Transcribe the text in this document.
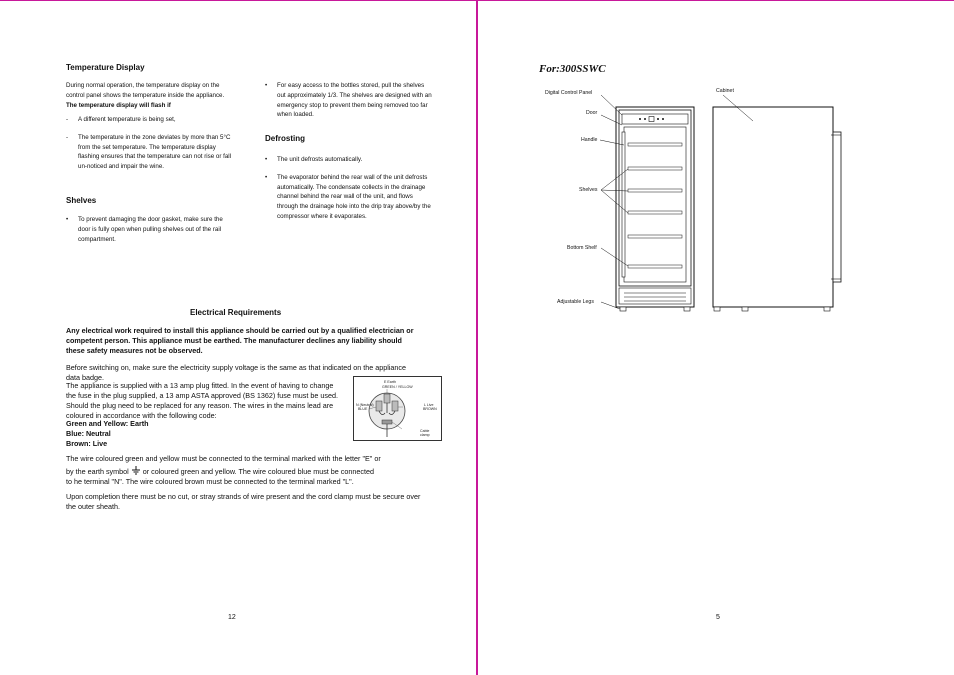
Temperature Display
During normal operation, the temperature display on the control panel shows the temperature inside the appliance. The temperature display will flash if
- A different temperature is being set,
- The temperature in the zone deviates by more than 5°C from the set temperature. The temperature display flashing ensures that the temperature can not rise or fall un-noticed and impair the wine.
Shelves
• To prevent damaging the door gasket, make sure the door is fully open when pulling shelves out of the rail compartment.
• For easy access to the bottles stored, pull the shelves out approximately 1/3. The shelves are designed with an emergency stop to prevent them being removed too far when loaded.
Defrosting
• The unit defrosts automatically.
• The evaporator behind the rear wall of the unit defrosts automatically. The condensate collects in the drainage channel behind the rear wall of the unit, and flows through the drainage hole into the drip tray above/by the compressor where it evaporates.
Electrical Requirements
Any electrical work required to install this appliance should be carried out by a qualified electrician or competent person. This appliance must be earthed. The manufacturer declines any liability should these safety measures not be observed.
Before switching on, make sure the electricity supply voltage is the same as that indicated on the appliance data badge.
The appliance is supplied with a 13 amp plug fitted. In the event of having to change the fuse in the plug supplied, a 13 amp ASTA approved (BS 1362) fuse must be used. Should the plug need to be replaced for any reason. The wires in the mains lead are coloured in accordance with the following code:
Green and Yellow: Earth
Blue: Neutral
Brown: Live
E Earth
GREEN / YELLOW
N (Neutral)
BLUE
L Live
BROWN
Cable clamp
The wire coloured green and yellow must be connected to the terminal marked with the letter "E" or
by the earth symbol  or coloured green and yellow. The wire coloured blue must be connected
to he terminal "N". The wire coloured brown must be connected to the terminal marked "L".
Upon completion there must be no cut, or stray strands of wire present and the cord clamp must be secure over the outer sheath.
12
For:300SSWC
Digital Control Panel
Door
Handle
Shelves
Bottom Shelf
Adjustable Legs
Cabinet
5
